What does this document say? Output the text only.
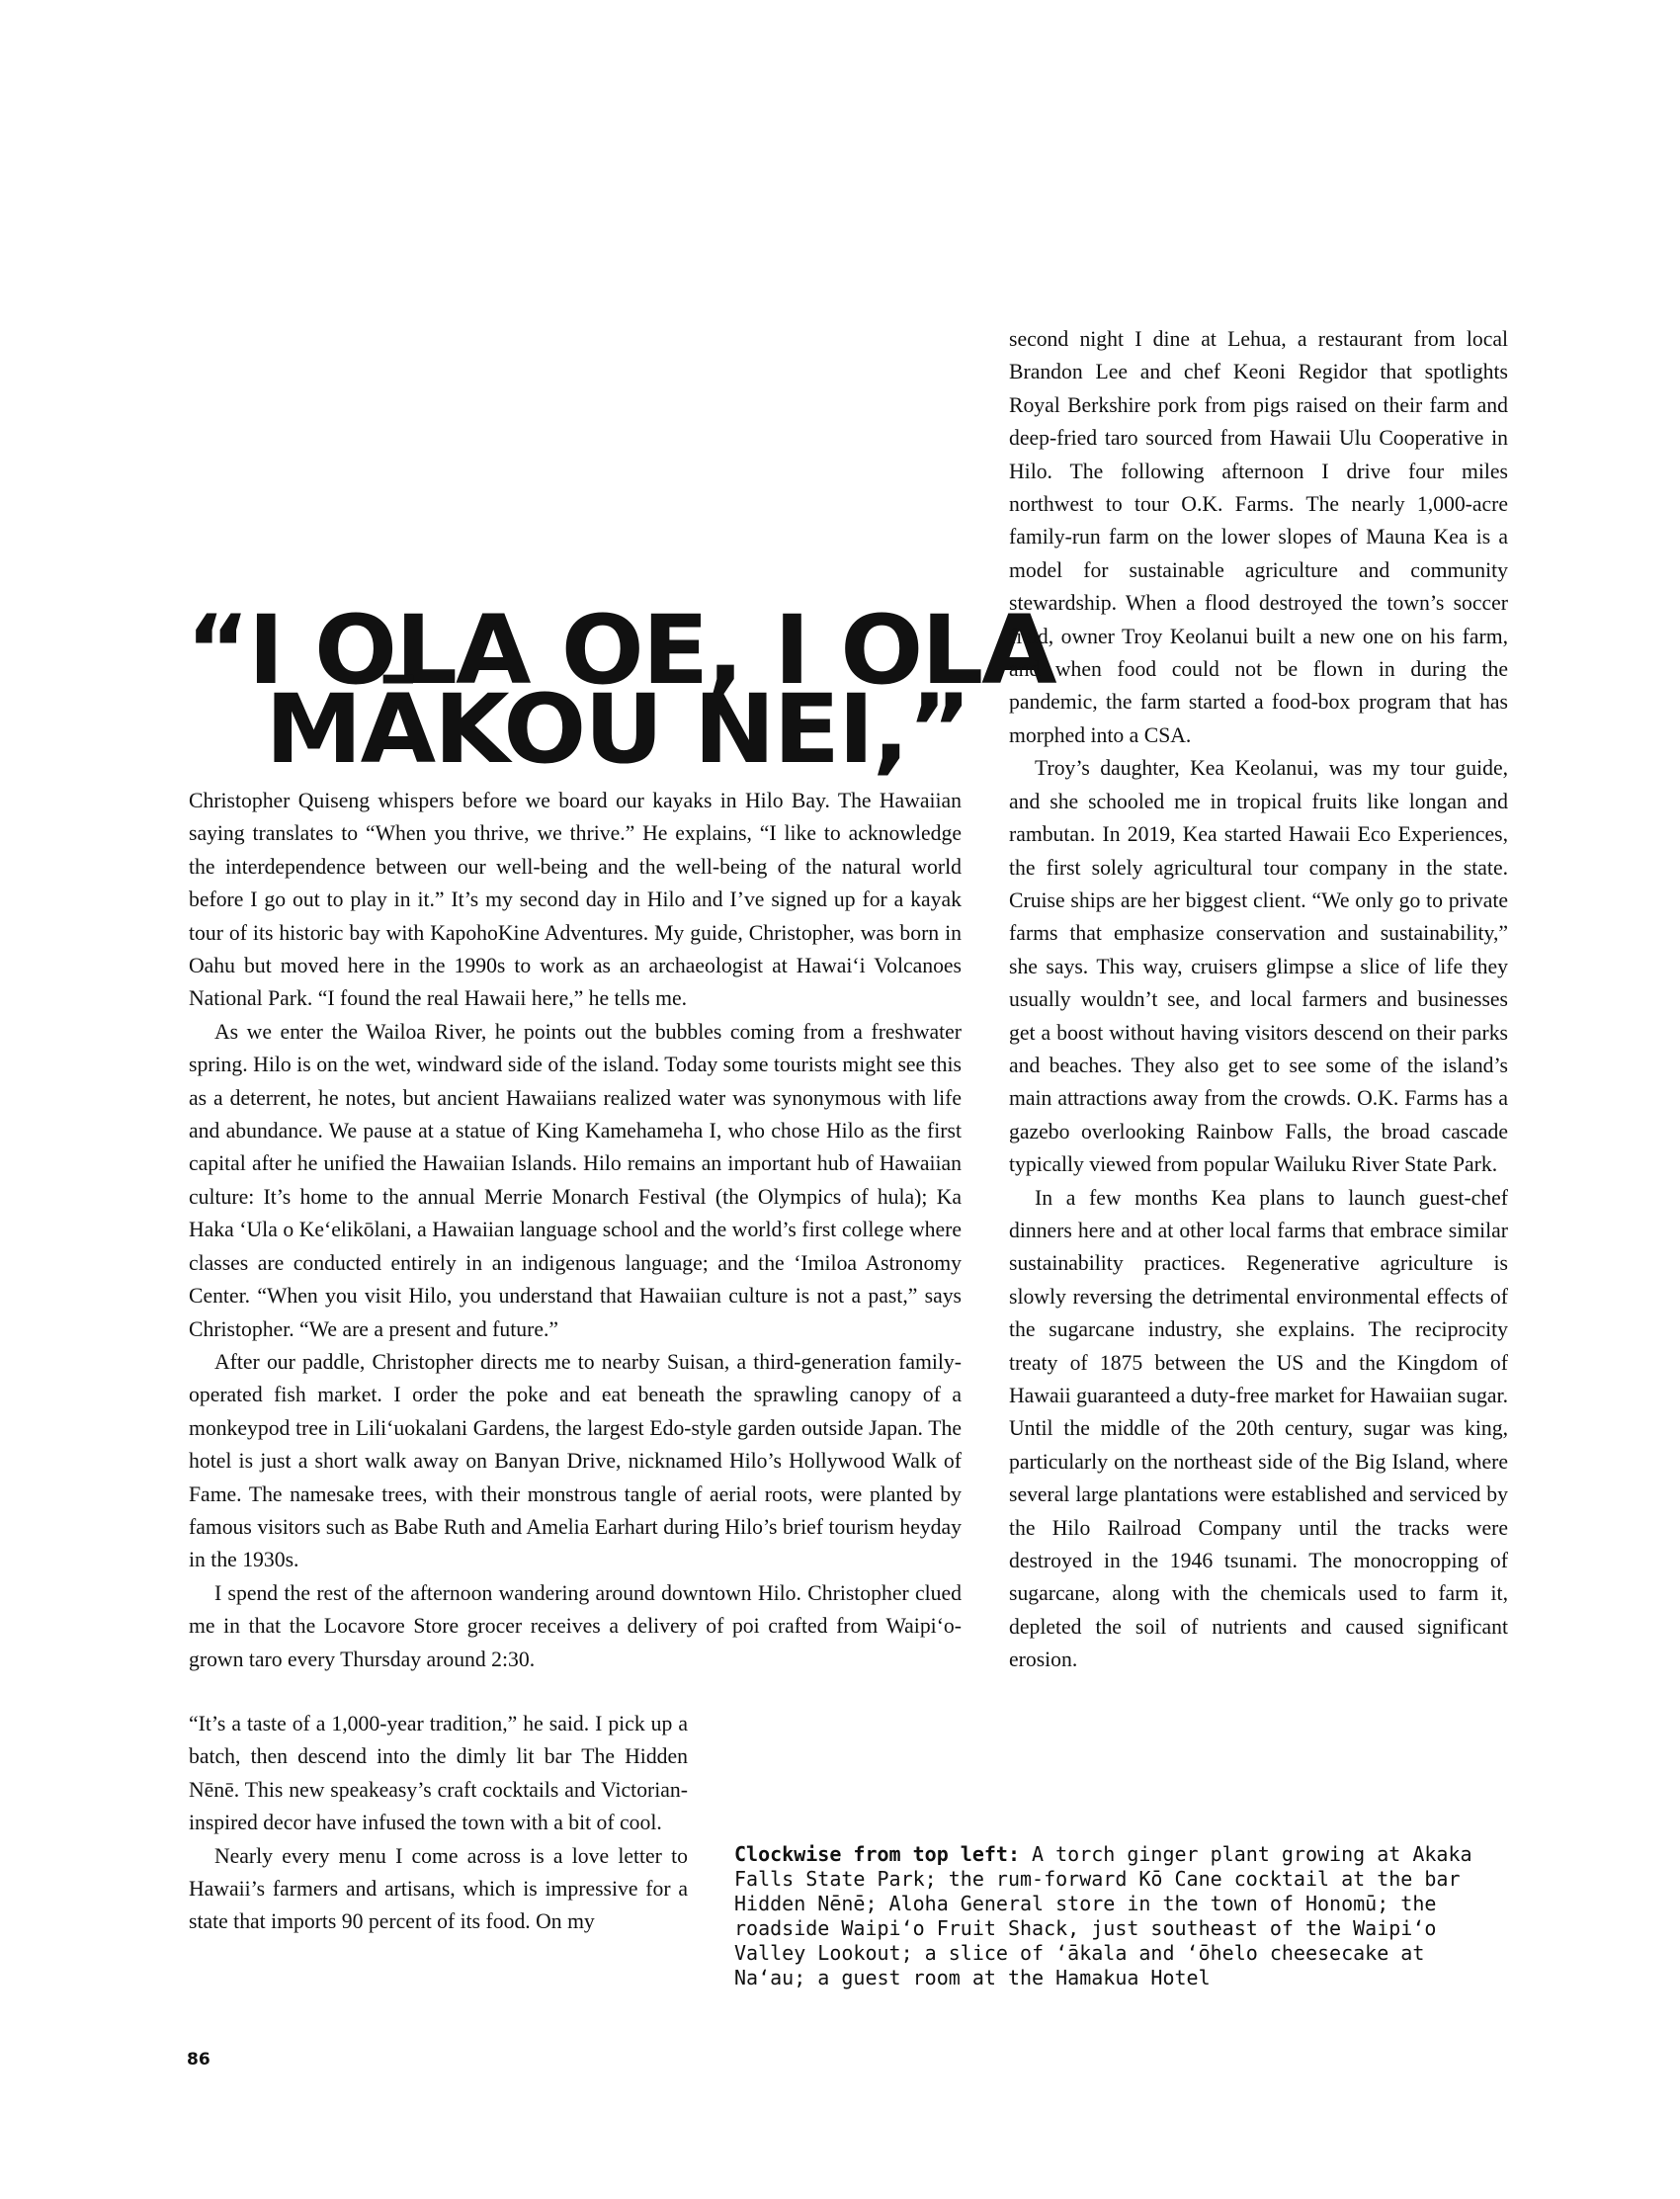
“I OLA OE, I OLA
MĀKOU NEI,”

Christopher Quiseng whispers before we board our kayaks in Hilo Bay. The Hawaiian saying translates to “When you thrive, we thrive.” He explains, “I like to acknowledge the interdependence between our well-being and the well-being of the natural world before I go out to play in it.” It’s my second day in Hilo and I’ve signed up for a kayak tour of its historic bay with KapohoKine Adventures. My guide, Christopher, was born in Oahu but moved here in the 1990s to work as an archaeologist at Hawaiʻi Volcanoes National Park. “I found the real Hawaii here,” he tells me.

As we enter the Wailoa River, he points out the bubbles coming from a freshwater spring. Hilo is on the wet, windward side of the island. Today some tourists might see this as a deterrent, he notes, but ancient Hawaiians realized water was synonymous with life and abundance. We pause at a statue of King Kamehameha I, who chose Hilo as the first capital after he unified the Hawaiian Islands. Hilo remains an important hub of Hawaiian culture: It’s home to the annual Merrie Monarch Festival (the Olympics of hula); Ka Haka ʻUla o Keʻelikōlani, a Hawaiian language school and the world’s first college where classes are conducted entirely in an indigenous language; and the ʻImiloa Astronomy Center. “When you visit Hilo, you understand that Hawaiian culture is not a past,” says Christopher. “We are a present and future.”

After our paddle, Christopher directs me to nearby Suisan, a third-generation family-operated fish market. I order the poke and eat beneath the sprawling canopy of a monkeypod tree in Liliʻuokalani Gardens, the largest Edo-style garden outside Japan. The hotel is just a short walk away on Banyan Drive, nicknamed Hilo’s Hollywood Walk of Fame. The namesake trees, with their monstrous tangle of aerial roots, were planted by famous visitors such as Babe Ruth and Amelia Earhart during Hilo’s brief tourism heyday in the 1930s.

I spend the rest of the afternoon wandering around downtown Hilo. Christopher clued me in that the Locavore Store grocer receives a delivery of poi crafted from Waipiʻo-grown taro every Thursday around 2:30.

“It’s a taste of a 1,000-year tradition,” he said. I pick up a batch, then descend into the dimly lit bar The Hidden Nēnē. This new speakeasy’s craft cocktails and Victorian-inspired decor have infused the town with a bit of cool.

Nearly every menu I come across is a love letter to Hawaii’s farmers and artisans, which is impressive for a state that imports 90 percent of its food. On my

second night I dine at Lehua, a restaurant from local Brandon Lee and chef Keoni Regidor that spotlights Royal Berkshire pork from pigs raised on their farm and deep-fried taro sourced from Hawaii Ulu Cooperative in Hilo. The following afternoon I drive four miles northwest to tour O.K. Farms. The nearly 1,000-acre family-run farm on the lower slopes of Mauna Kea is a model for sustainable agriculture and community stewardship. When a flood destroyed the town’s soccer field, owner Troy Keolanui built a new one on his farm, and when food could not be flown in during the pandemic, the farm started a food-box program that has morphed into a CSA.

Troy’s daughter, Kea Keolanui, was my tour guide, and she schooled me in tropical fruits like longan and rambutan. In 2019, Kea started Hawaii Eco Experiences, the first solely agricultural tour company in the state. Cruise ships are her biggest client. “We only go to private farms that emphasize conservation and sustainability,” she says. This way, cruisers glimpse a slice of life they usually wouldn’t see, and local farmers and businesses get a boost without having visitors descend on their parks and beaches. They also get to see some of the island’s main attractions away from the crowds. O.K. Farms has a gazebo overlooking Rainbow Falls, the broad cascade typically viewed from popular Wailuku River State Park.

In a few months Kea plans to launch guest-chef dinners here and at other local farms that embrace similar sustainability practices. Regenerative agriculture is slowly reversing the detrimental environmental effects of the sugarcane industry, she explains. The reciprocity treaty of 1875 between the US and the Kingdom of Hawaii guaranteed a duty-free market for Hawaiian sugar. Until the middle of the 20th century, sugar was king, particularly on the northeast side of the Big Island, where several large plantations were established and serviced by the Hilo Railroad Company until the tracks were destroyed in the 1946 tsunami. The monocropping of sugarcane, along with the chemicals used to farm it, depleted the soil of nutrients and caused significant erosion.

Clockwise from top left: A torch ginger plant growing at Akaka Falls State Park; the rum-forward Kō Cane cocktail at the bar Hidden Nēnē; Aloha General store in the town of Honomū; the roadside Waipiʻo Fruit Shack, just southeast of the Waipiʻo Valley Lookout; a slice of ʻākala and ʻōhelo cheesecake at Naʻau; a guest room at the Hamakua Hotel

86
